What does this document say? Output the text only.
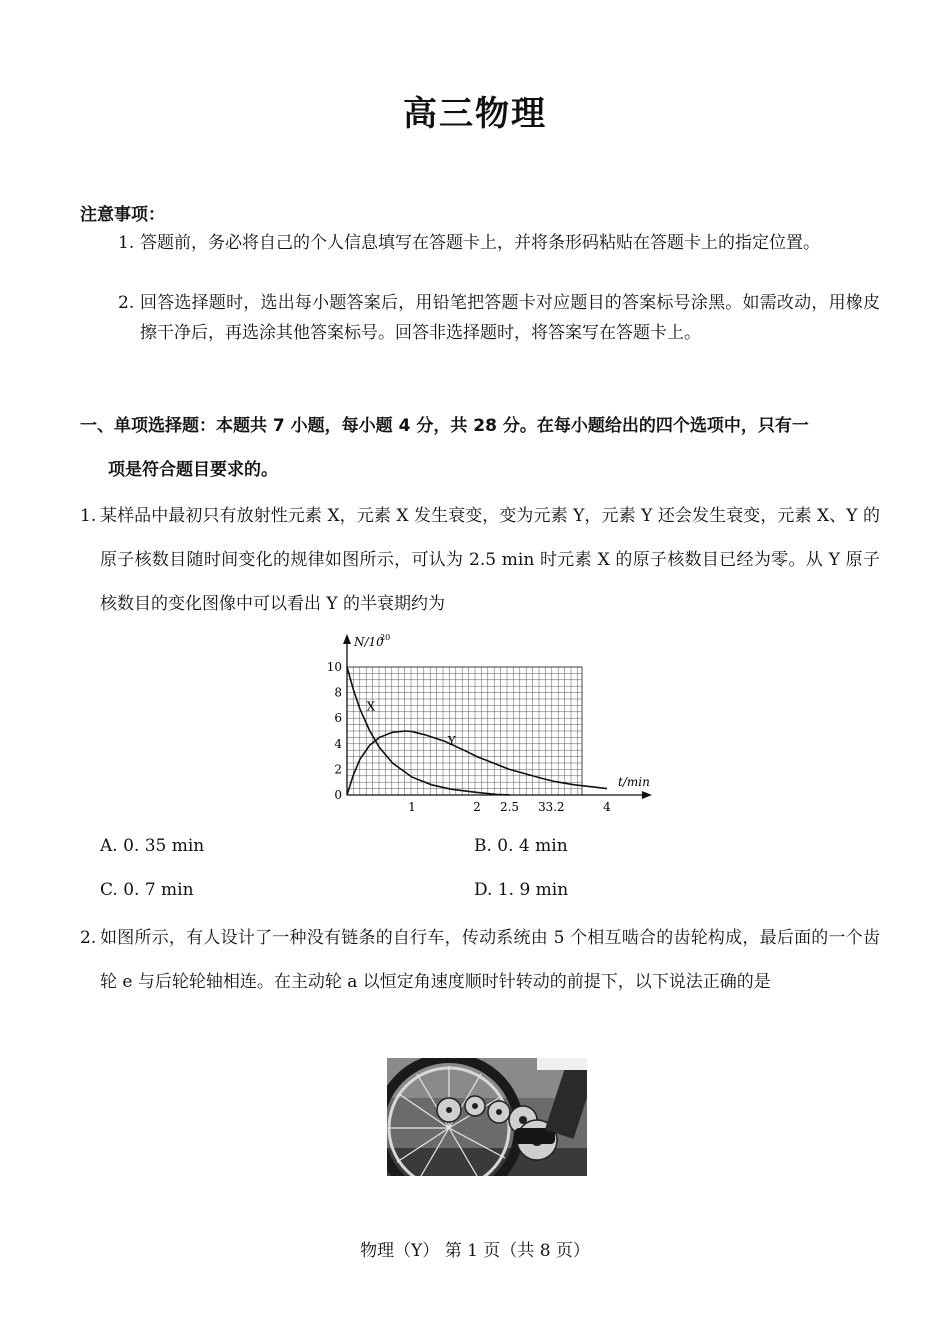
高三物理
注意事项：
1. 答题前，务必将自己的个人信息填写在答题卡上，并将条形码粘贴在答题卡上的指定位置。
2. 回答选择题时，选出每小题答案后，用铅笔把答题卡对应题目的答案标号涂黑。如需改动，用橡皮擦干净后，再选涂其他答案标号。回答非选择题时，将答案写在答题卡上。
一、单项选择题：本题共 7 小题，每小题 4 分，共 28 分。在每小题给出的四个选项中，只有一
项是符合题目要求的。
1. 某样品中最初只有放射性元素 X，元素 X 发生衰变，变为元素 Y，元素 Y 还会发生衰变，元素 X、Y 的原子核数目随时间变化的规律如图所示，可认为 2.5 min 时元素 X 的原子核数目已经为零。从 Y 原子核数目的变化图像中可以看出 Y 的半衰期约为
N/10
20
t/min
10
8
6
4
2
0
1	2 2.5 3 3.2	4
X
Y
A. 0. 35 min	B. 0. 4 min
C. 0. 7 min	D. 1. 9 min
2. 如图所示，有人设计了一种没有链条的自行车，传动系统由 5 个相互啮合的齿轮构成，最后面的一个齿轮 e 与后轮轮轴相连。在主动轮 a 以恒定角速度顺时针转动的前提下，以下说法正确的是
物理（Y） 第 1 页（共 8 页）
